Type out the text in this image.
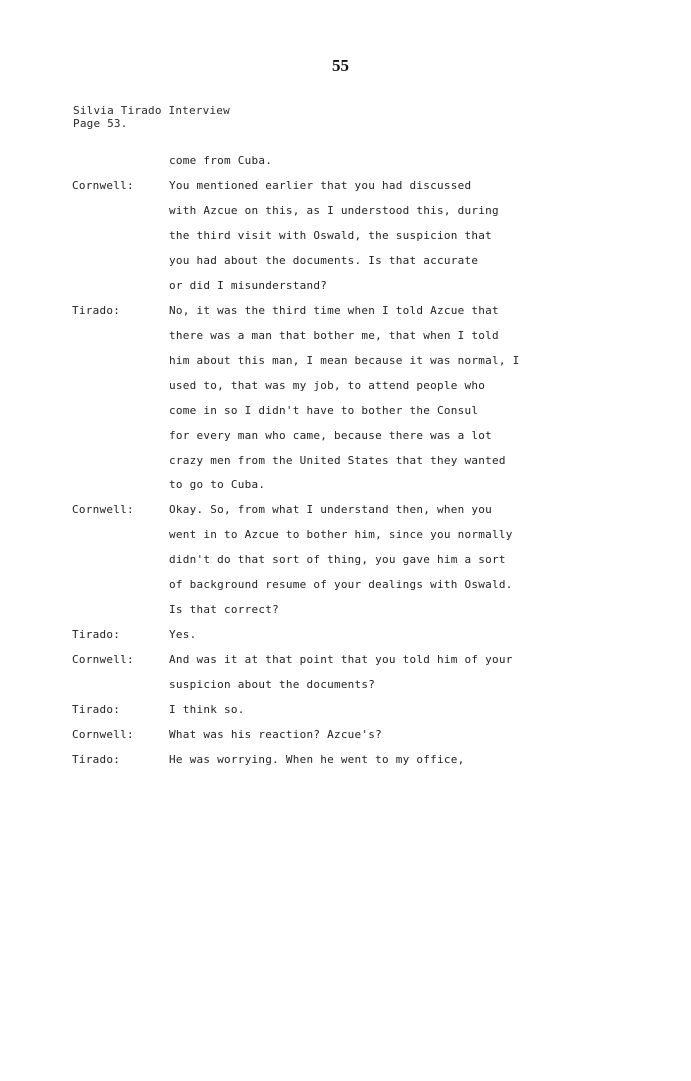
55
Silvia Tirado Interview
Page 53.
come from Cuba.
Cornwell:	You mentioned earlier that you had discussed
with Azcue on this, as I understood this, during
the third visit with Oswald, the suspicion that
you had about the documents. Is that accurate
or did I misunderstand?
Tirado:	No, it was the third time when I told Azcue that
there was a man that bother me, that when I told
him about this man, I mean because it was normal, I
used to, that was my job, to attend people who
come in so I didn't have to bother the Consul
for every man who came, because there was a lot
crazy men from the United States that they wanted
to go to Cuba.
Cornwell:	Okay. So, from what I understand then, when you
went in to Azcue to bother him, since you normally
didn't do that sort of thing, you gave him a sort
of background resume of your dealings with Oswald.
Is that correct?
Tirado:	Yes.
Cornwell:	And was it at that point that you told him of your
suspicion about the documents?
Tirado:	I think so.
Cornwell:	What was his reaction? Azcue's?
Tirado:	He was worrying. When he went to my office,
